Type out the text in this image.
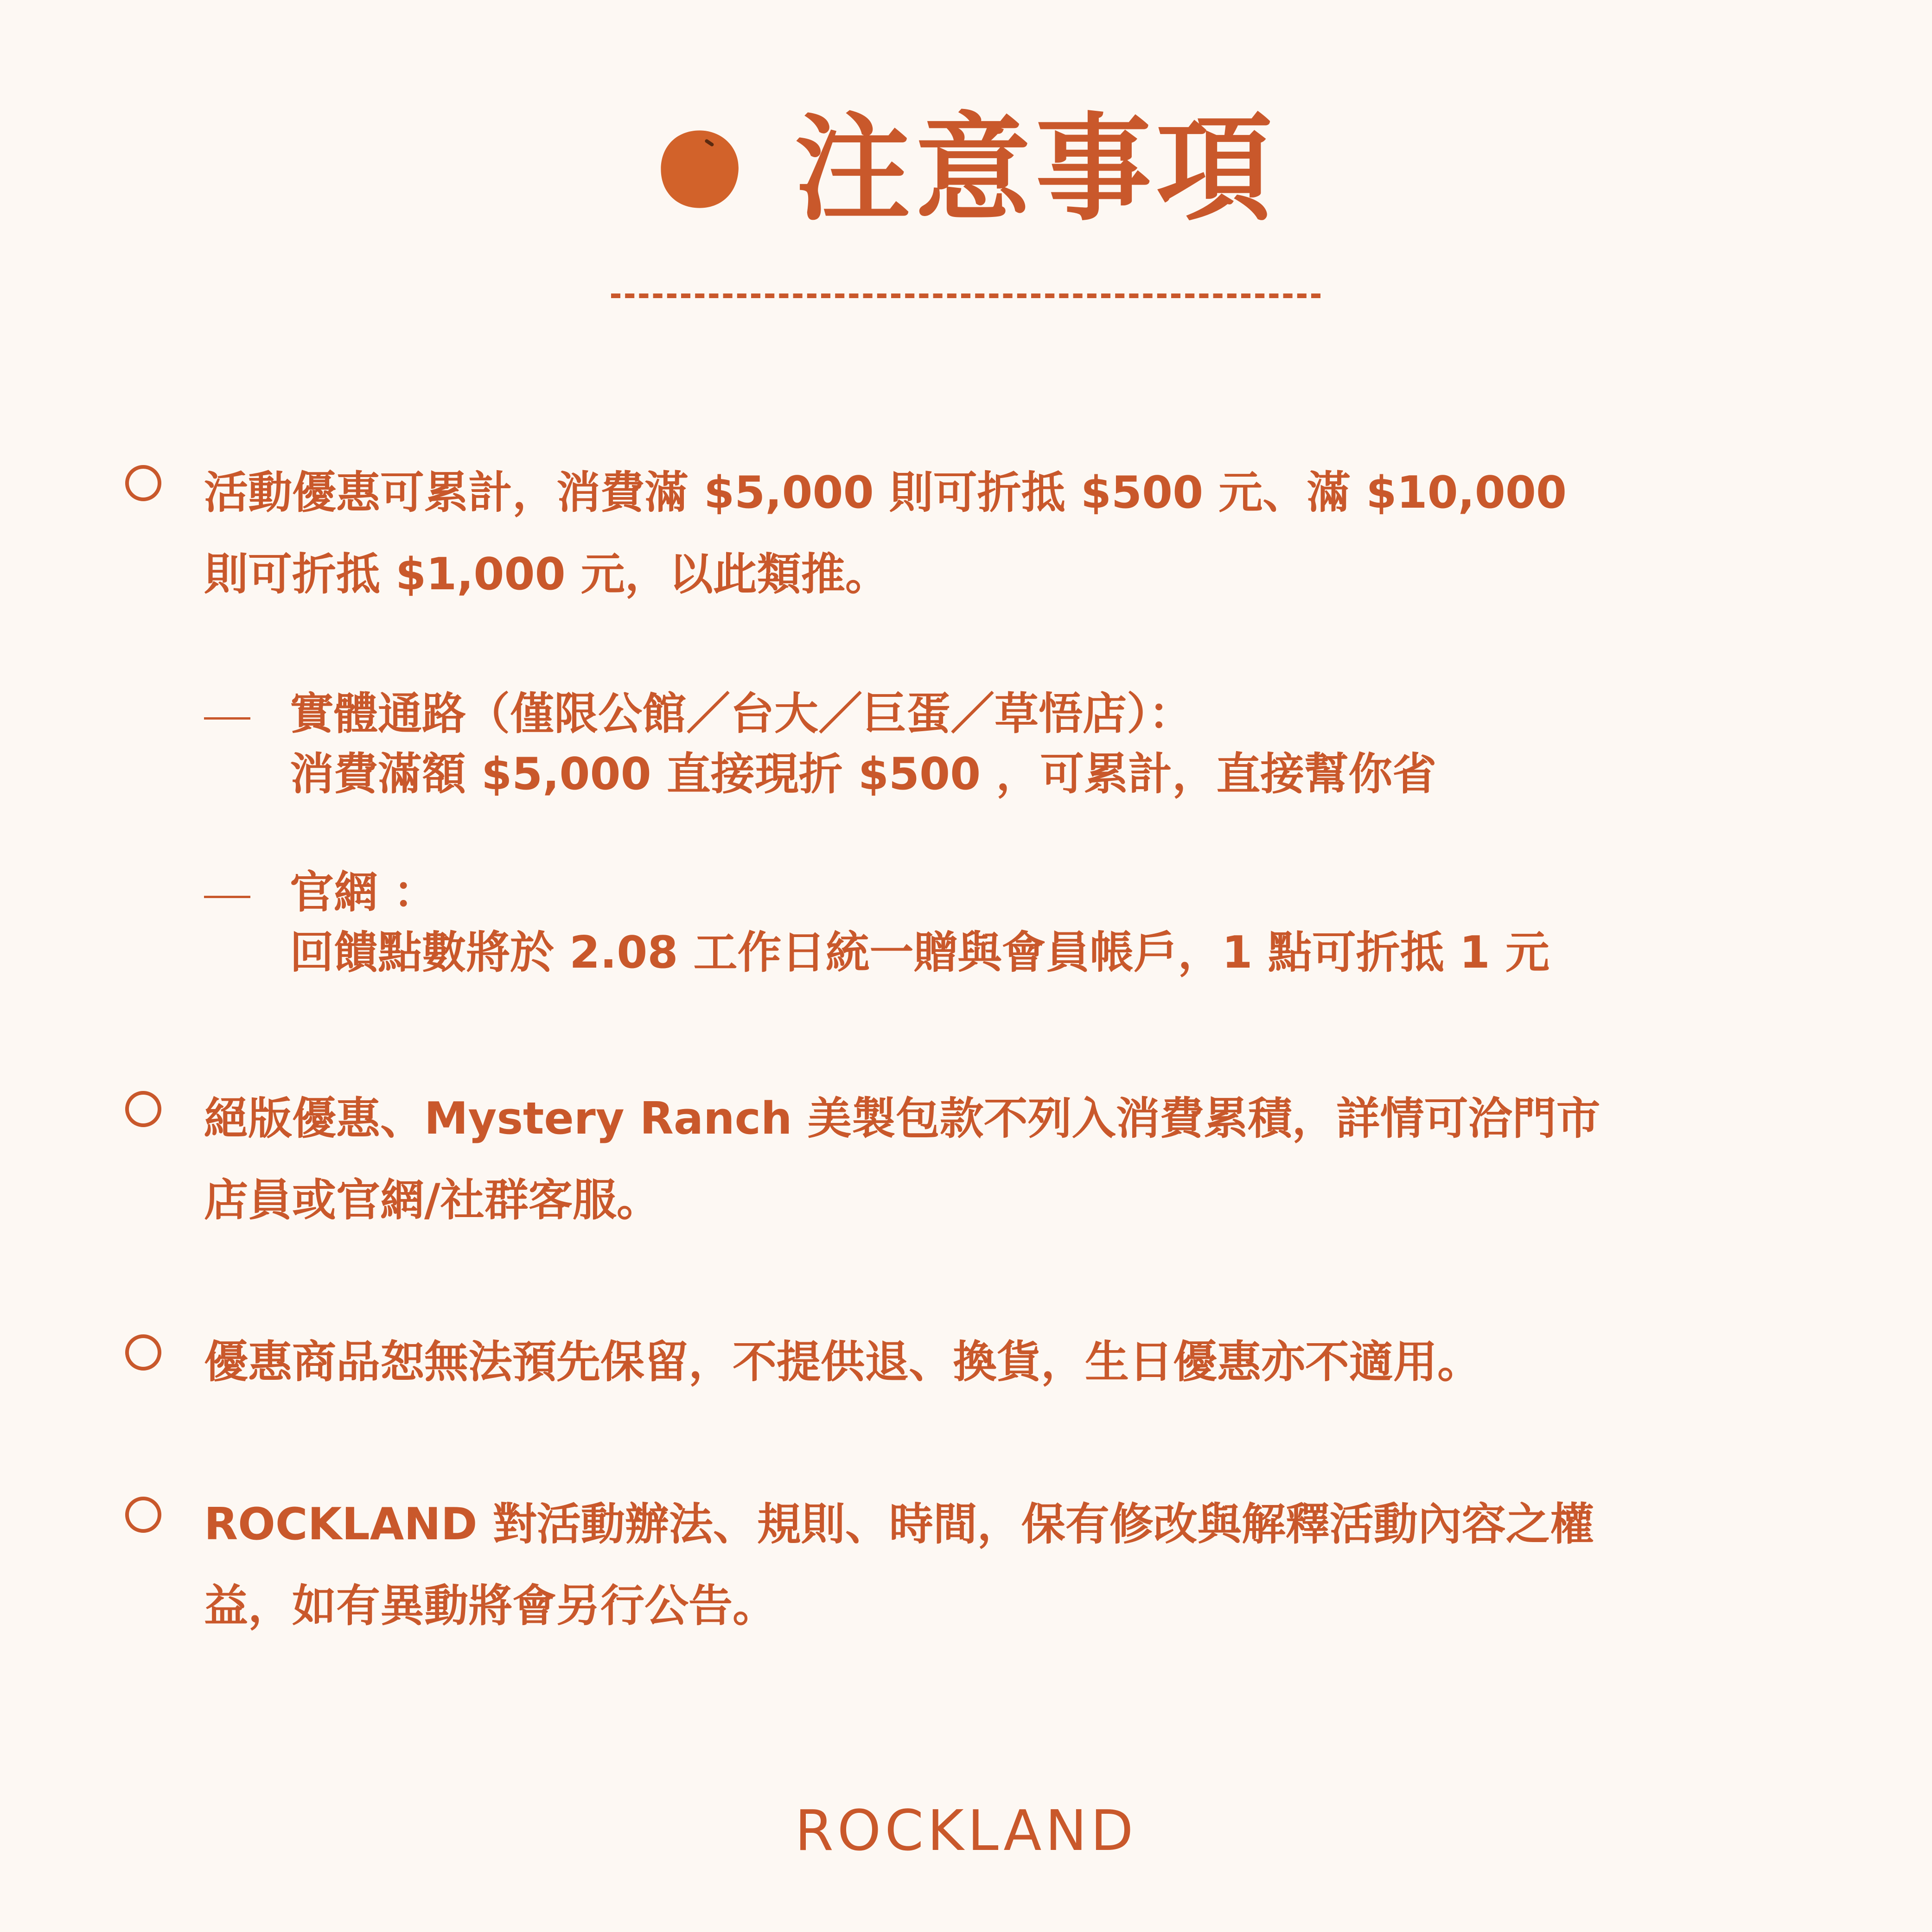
注意事項
活動優惠可累計，消費滿 $5,000 則可折抵 $500 元、滿 $10,000
則可折抵 $1,000 元，以此類推。
實體通路（僅限公館／台大／巨蛋／草悟店）：
消費滿額 $5,000 直接現折 $500 ，可累計，直接幫你省
官網 ：
回饋點數將於 2.08 工作日統一贈與會員帳戶，1 點可折抵 1 元
絕版優惠、Mystery Ranch 美製包款不列入消費累積，詳情可洽門市
店員或官網/社群客服。
優惠商品恕無法預先保留，不提供退、換貨，生日優惠亦不適用。
ROCKLAND 對活動辦法、規則、時間，保有修改與解釋活動內容之權
益，如有異動將會另行公告。
ROCKLAND
